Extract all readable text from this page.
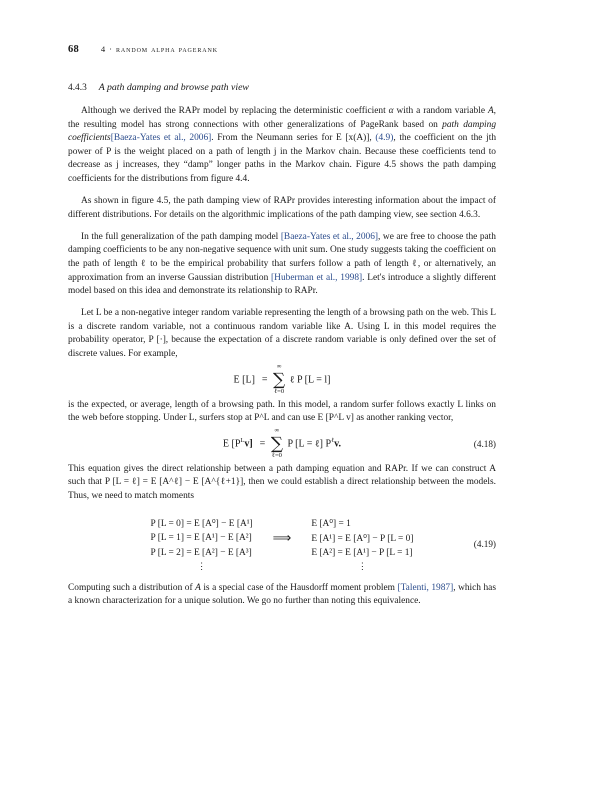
68	4 · random alpha pagerank
4.4.3 A path damping and browse path view

Although we derived the RAPr model by replacing the deterministic coefficient α with a random variable A, the resulting model has strong connections with other generalizations of PageRank based on path damping coefficients[Baeza-Yates et al., 2006]. From the Neumann series for E [x(A)], (4.9), the coefficient on the jth power of P is the weight placed on a path of length j in the Markov chain. Because these coefficients tend to decrease as j increases, they “damp” longer paths in the Markov chain. Figure 4.5 shows the path damping coefficients for the distributions from figure 4.4.

As shown in figure 4.5, the path damping view of RAPr provides interesting information about the impact of different distributions. For details on the algorithmic implications of the path damping view, see section 4.6.3.

In the full generalization of the path damping model [Baeza-Yates et al., 2006], we are free to choose the path damping coefficients to be any non-negative sequence with unit sum. One study suggests taking the coefficient on the path of length ℓ to be the empirical probability that surfers follow a path of length ℓ, or alternatively, an approximation from an inverse Gaussian distribution [Huberman et al., 1998]. Let's introduce a slightly different model based on this idea and demonstrate its relationship to RAPr.

Let L be a non-negative integer random variable representing the length of a browsing path on the web. This L is a discrete random variable, not a continuous random variable like A. Using L in this model requires the probability operator, P [·], because the expectation of a discrete random variable is only defined over the set of discrete values. For example,

E [L] =
∞
∑
ℓ=0
ℓ P [L = l]

is the expected, or average, length of a browsing path. In this model, a random surfer follows exactly L links on the web before stopping. Under L, surfers stop at P^L and can use E [P^L v] as another ranking vector,

E $[P^Lv]$ =
∞
∑
ℓ=0
P [L = ℓ] $P^\ell v$.	(4.18)

This equation gives the direct relationship between a path damping equation and RAPr. If we can construct A such that P [L = ℓ] = E [A^ℓ] − E [A^{ℓ+1}], then we could establish a direct relationship between the models. Thus, we need to match moments

P [L = 0] = E [A⁰] − E [A¹]	⟹	E [A⁰] = 1
P [L = 1] = E [A¹] − E [A²]		E [A¹] = E [A⁰] − P [L = 0]
P [L = 2] = E [A²] − E [A³]		E [A²] = E [A¹] − P [L = 1]
⋮		⋮
(4.19)

Computing such a distribution of A is a special case of the Hausdorff moment problem [Talenti, 1987], which has a known characterization for a unique solution. We go no further than noting this equivalence.
